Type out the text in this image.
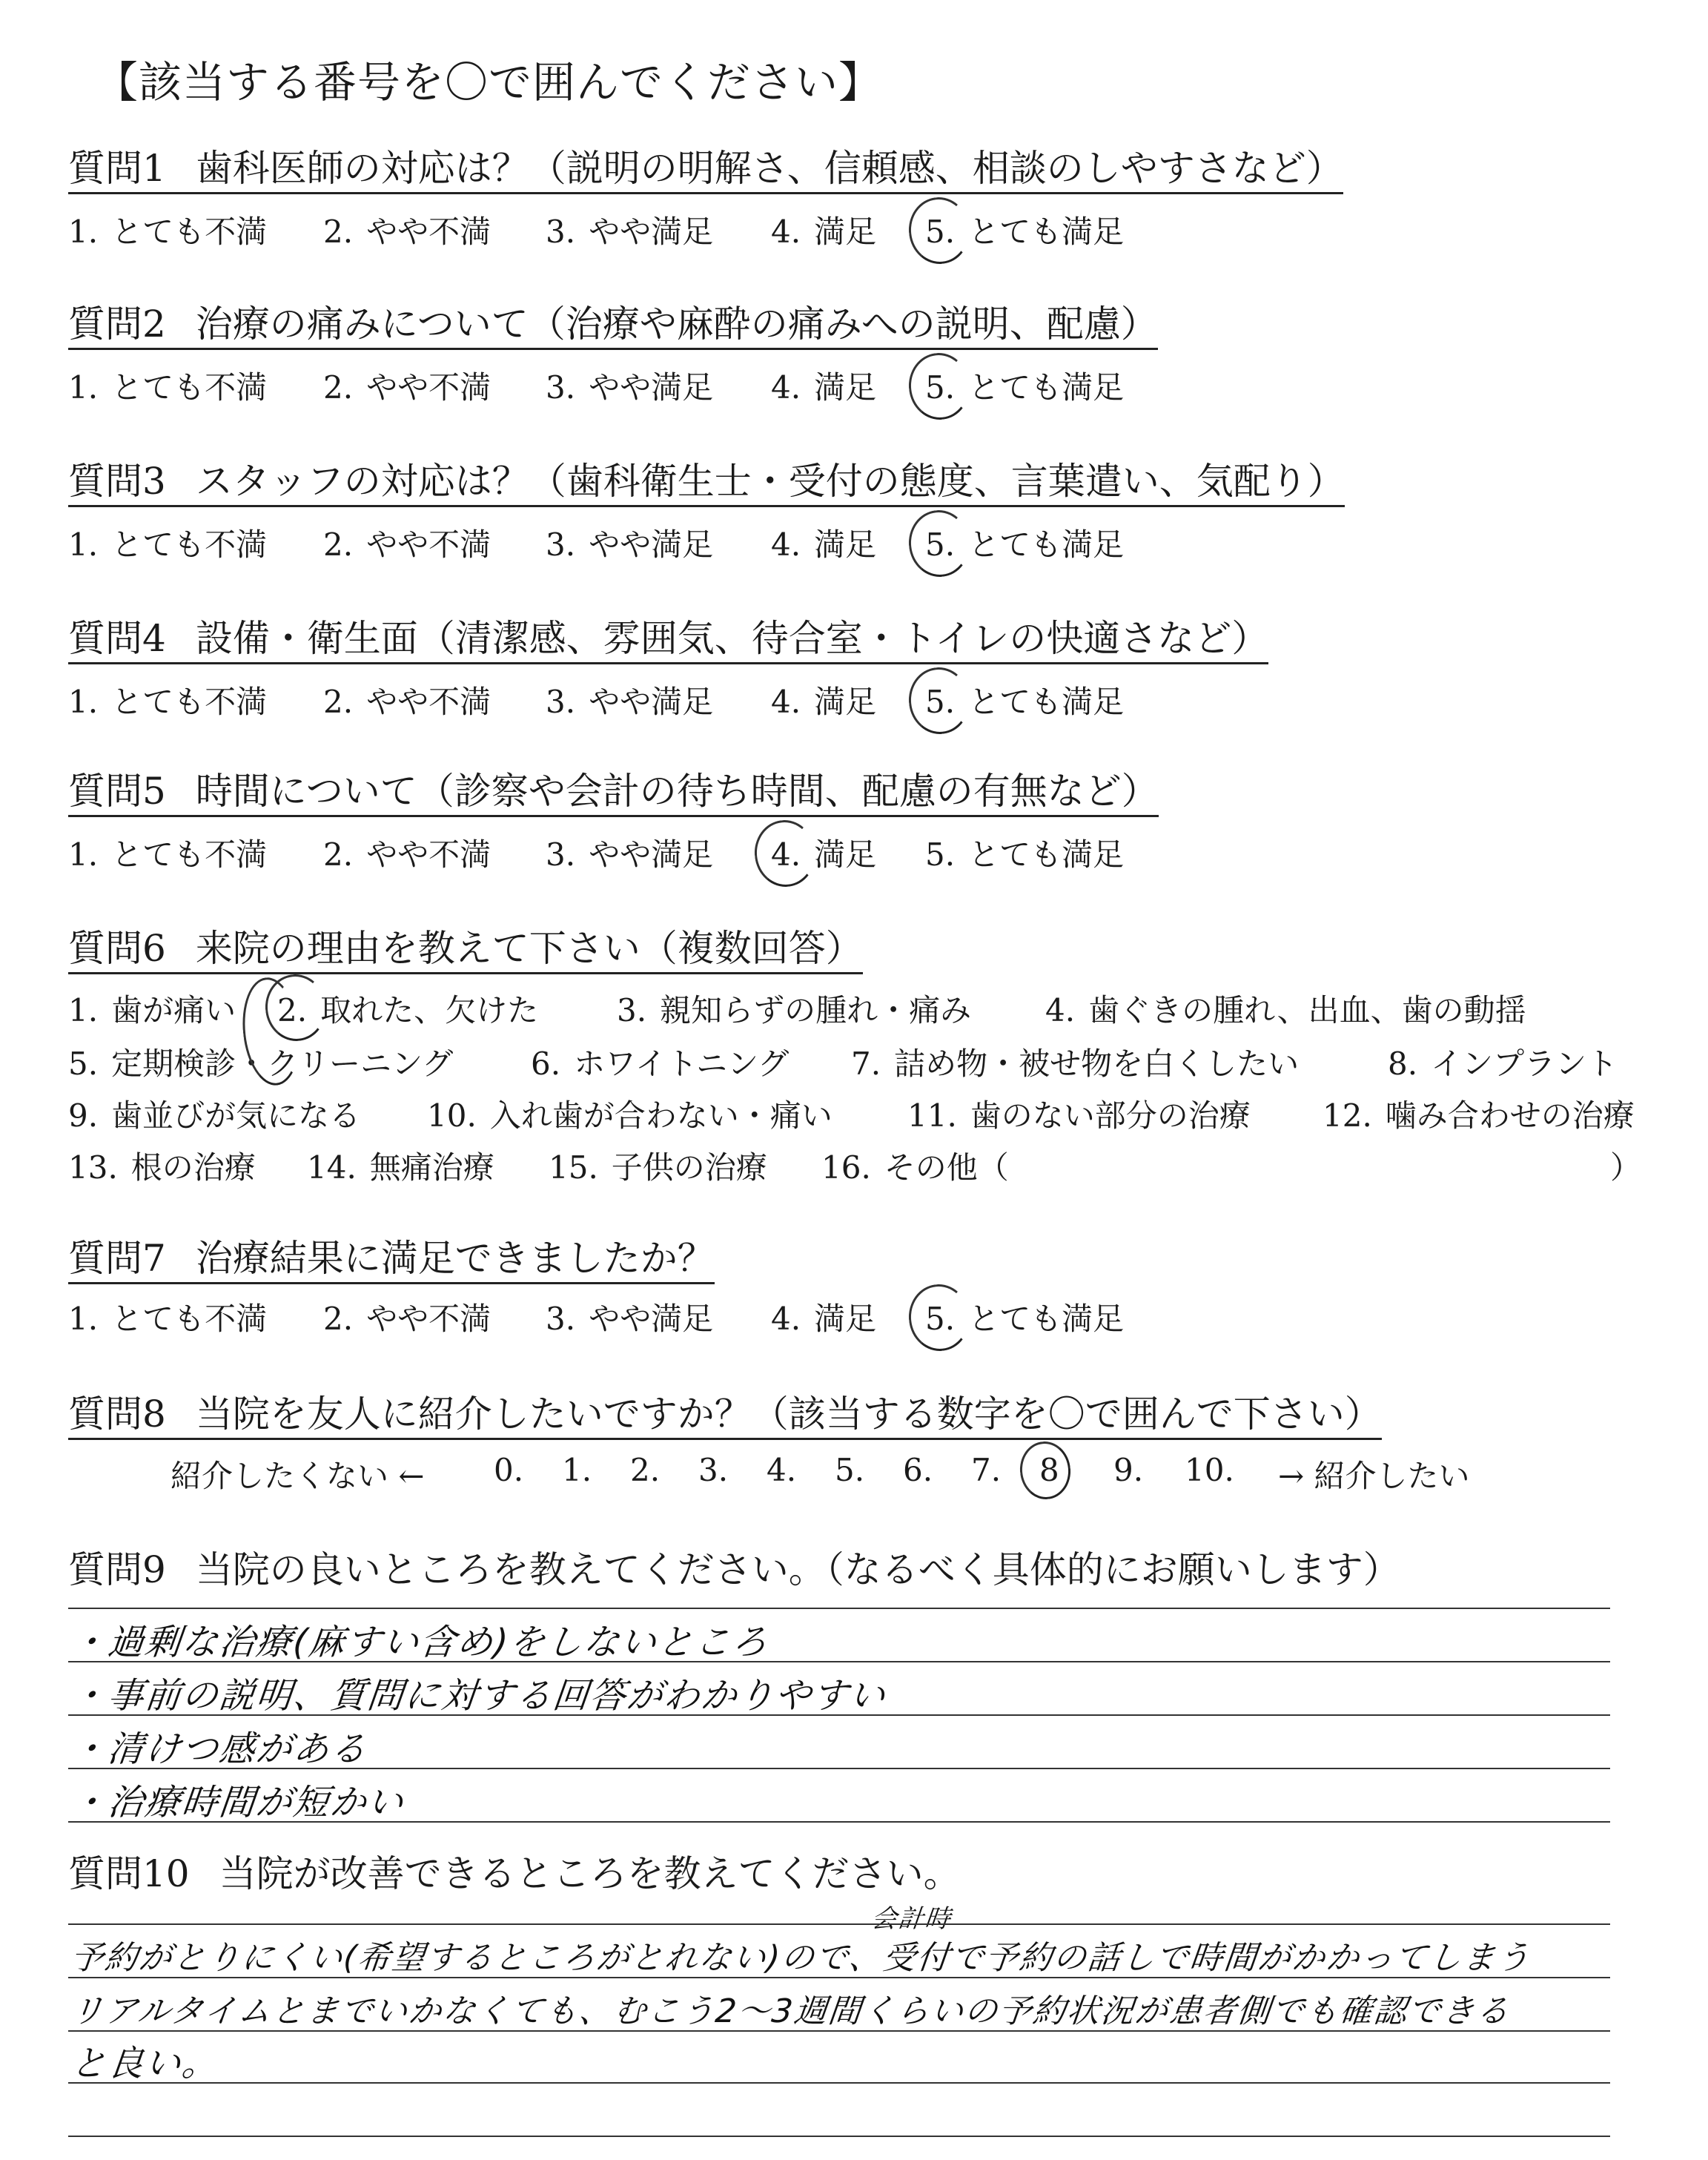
【該当する番号を〇で囲んでください】
質問1 歯科医師の対応は？（説明の明解さ、信頼感、相談のしやすさなど）
1. とても不満 2. やや不満 3. やや満足 4. 満足 5. とても満足
質問2 治療の痛みについて（治療や麻酔の痛みへの説明、配慮）
1. とても不満 2. やや不満 3. やや満足 4. 満足 5. とても満足
質問3 スタッフの対応は？（歯科衛生士・受付の態度、言葉遣い、気配り）
1. とても不満 2. やや不満 3. やや満足 4. 満足 5. とても満足
質問4 設備・衛生面（清潔感、雰囲気、待合室・トイレの快適さなど）
1. とても不満 2. やや不満 3. やや満足 4. 満足 5. とても満足
質問5 時間について（診察や会計の待ち時間、配慮の有無など）
1. とても不満 2. やや不満 3. やや満足 4. 満足 5. とても満足
質問6 来院の理由を教えて下さい（複数回答）
1. 歯が痛い 2. 取れた、欠けた	3. 親知らずの腫れ・痛み 4. 歯ぐきの腫れ、出血、歯の動揺
5. 定期検診・クリーニング 6. ホワイトニング 7. 詰め物・被せ物を白くしたい	8. インプラント
9. 歯並びが気になる 10. 入れ歯が合わない・痛い 11. 歯のない部分の治療 12. 噛み合わせの治療
13. 根の治療 14. 無痛治療 15. 子供の治療 16. その他（	）
質問7 治療結果に満足できましたか？
1. とても不満 2. やや不満 3. やや満足 4. 満足 5. とても満足
質問8 当院を友人に紹介したいですか？（該当する数字を〇で囲んで下さい）
紹介したくない ← 0. 1. 2. 3. 4. 5. 6. 7. 8 9. 10. → 紹介したい
質問9 当院の良いところを教えてください。（なるべく具体的にお願いします）
・過剰な治療(麻すい含め)をしないところ
・事前の説明、質問に対する回答がわかりやすい
・清けつ感がある
・治療時間が短かい
質問10 当院が改善できるところを教えてください。
会計時
予約がとりにくい(希望するところがとれない)ので、受付で予約の話しで時間がかかってしまう
リアルタイムとまでいかなくても、むこう2〜3週間くらいの予約状況が患者側でも確認できる
と良い。
